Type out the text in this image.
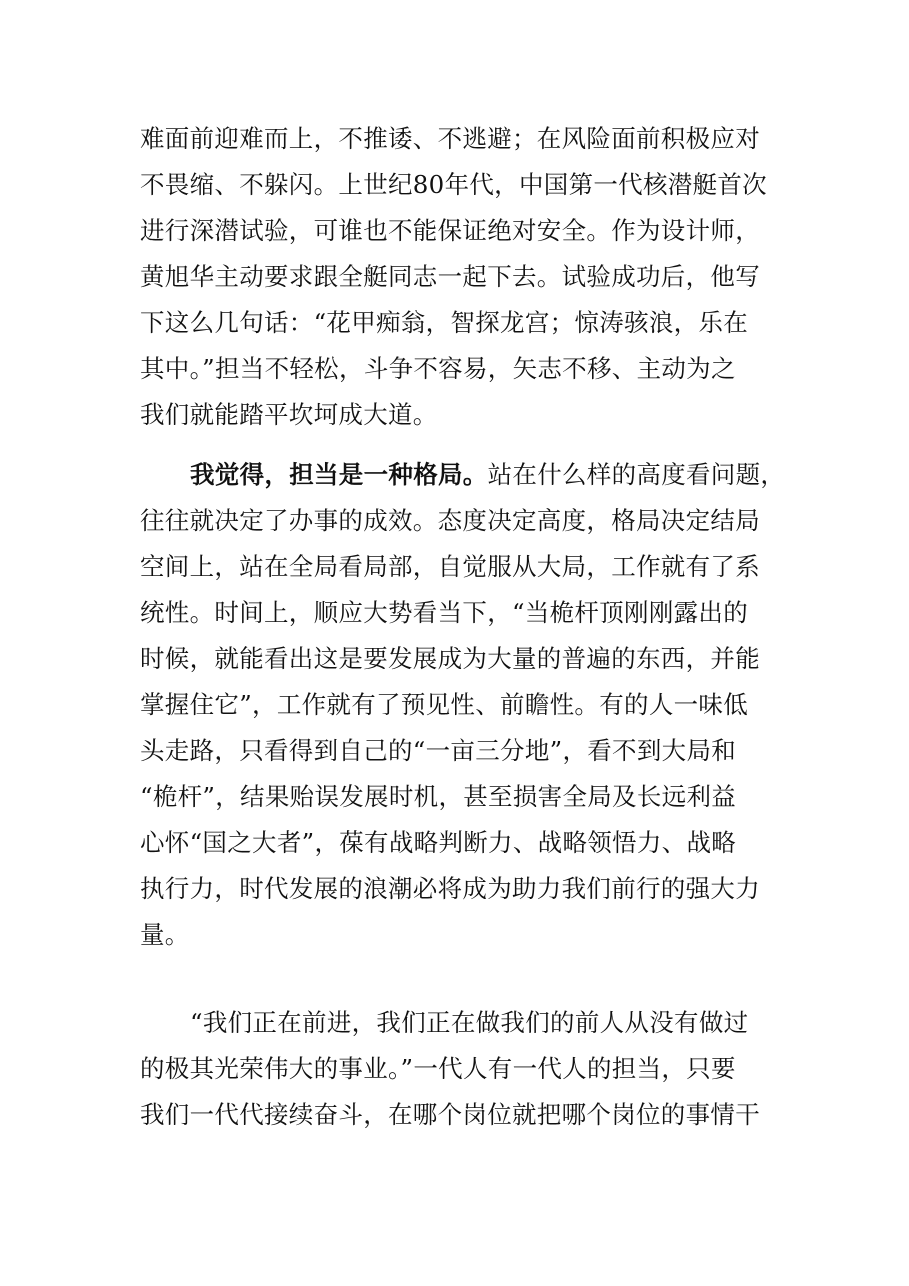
难面前迎难而上，不推诿、不逃避；在风险面前积极应对

不畏缩、不躲闪。上世纪80年代，中国第一代核潜艇首次

进行深潜试验，可谁也不能保证绝对安全。作为设计师，

黄旭华主动要求跟全艇同志一起下去。试验成功后，他写

下这么几句话：“花甲痴翁，智探龙宫；惊涛骇浪，乐在

其中。”担当不轻松，斗争不容易，矢志不移、主动为之

我们就能踏平坎坷成大道。

我觉得，担当是一种格局。站在什么样的高度看问题，

往往就决定了办事的成效。态度决定高度，格局决定结局

空间上，站在全局看局部，自觉服从大局，工作就有了系

统性。时间上，顺应大势看当下，“当桅杆顶刚刚露出的

时候，就能看出这是要发展成为大量的普遍的东西，并能

掌握住它”，工作就有了预见性、前瞻性。有的人一味低

头走路，只看得到自己的“一亩三分地”，看不到大局和

“桅杆”，结果贻误发展时机，甚至损害全局及长远利益

心怀“国之大者”，葆有战略判断力、战略领悟力、战略

执行力，时代发展的浪潮必将成为助力我们前行的强大力

量。

“我们正在前进，我们正在做我们的前人从没有做过

的极其光荣伟大的事业。”一代人有一代人的担当，只要

我们一代代接续奋斗，在哪个岗位就把哪个岗位的事情干
